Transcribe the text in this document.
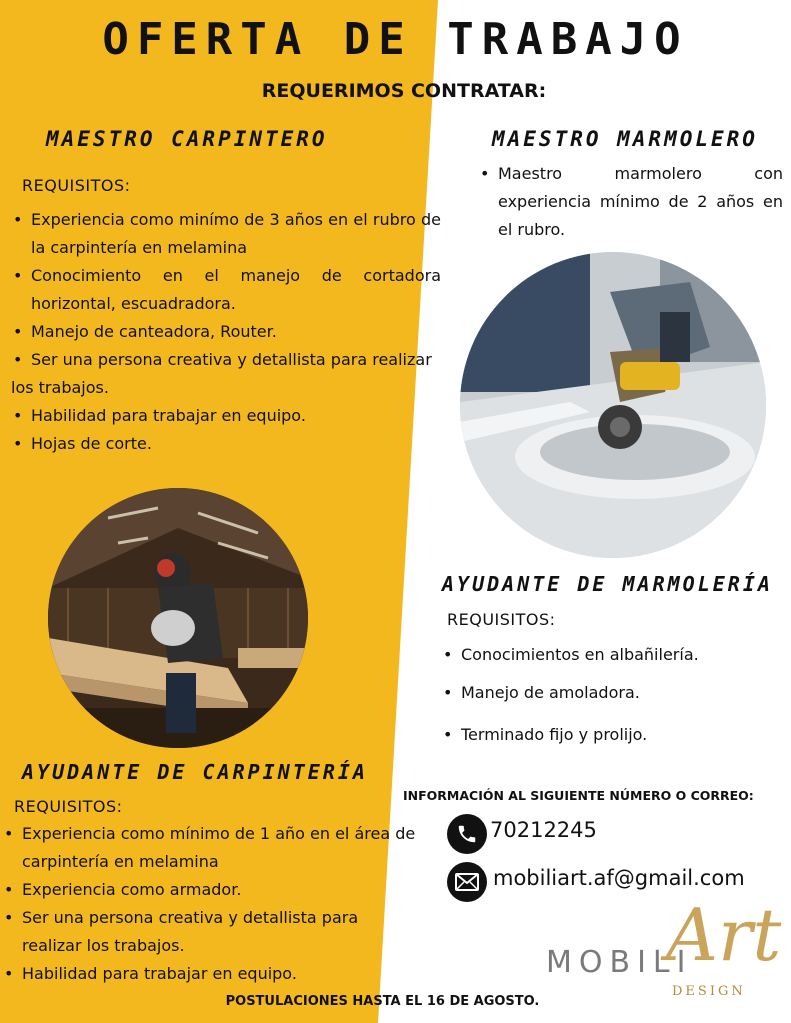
OFERTA DE TRABAJO
REQUERIMOS CONTRATAR:
MAESTRO CARPINTERO
REQUISITOS:
• Experiencia como minímo de 3 años en el rubro de la carpintería en melamina
• Conocimiento en el manejo de cortadora horizontal, escuadradora.
• Manejo de canteadora, Router.
• Ser una persona creativa y detallista para realizar
los trabajos.
• Habilidad para trabajar en equipo.
• Hojas de corte.
MAESTRO MARMOLERO
• Maestro marmolero con experiencia mínimo de 2 años en el rubro.
AYUDANTE DE MARMOLERÍA
REQUISITOS:
• Conocimientos en albañilería.
• Manejo de amoladora.
• Terminado fijo y prolijo.
AYUDANTE DE CARPINTERÍA
REQUISITOS:
• Experiencia como mínimo de 1 año en el área de carpintería en melamina
• Experiencia como armador.
• Ser una persona creativa y detallista para realizar los trabajos.
• Habilidad para trabajar en equipo.
INFORMACIÓN AL SIGUIENTE NÚMERO O CORREO:
70212245
mobiliart.af@gmail.com
MOBILI
Art
DESIGN
POSTULACIONES HASTA EL 16 DE AGOSTO.
